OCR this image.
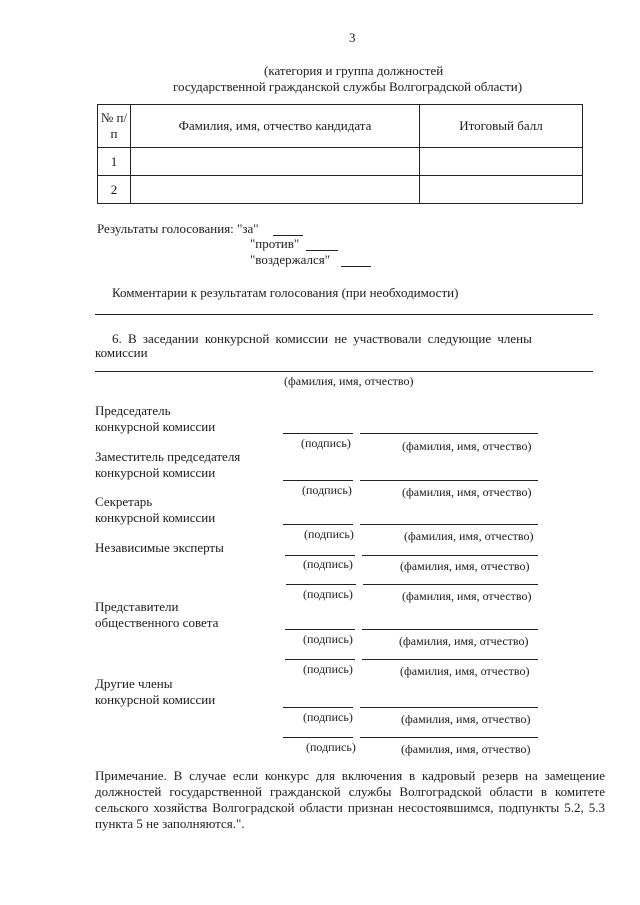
3
(категория и группа должностей
государственной гражданской службы Волгоградской области)
№ п/п	Фамилия, имя, отчество кандидата	Итоговый балл
1		
2		
Результаты голосования: "за"
"против"
"воздержался"
Комментарии к результатам голосования (при необходимости)
6. В заседании конкурсной комиссии не участвовали следующие члены
комиссии
(фамилия, имя, отчество)
Председатель
конкурсной комиссии
(подпись)	(фамилия, имя, отчество)
Заместитель председателя
конкурсной комиссии
(подпись)	(фамилия, имя, отчество)
Секретарь
конкурсной комиссии
(подпись)	(фамилия, имя, отчество)
Независимые эксперты
(подпись)	(фамилия, имя, отчество)
(подпись)	(фамилия, имя, отчество)
Представители
общественного совета
(подпись)	(фамилия, имя, отчество)
(подпись)	(фамилия, имя, отчество)
Другие члены
конкурсной комиссии
(подпись)	(фамилия, имя, отчество)
(подпись)	(фамилия, имя, отчество)
Примечание. В случае если конкурс для включения в кадровый резерв на замещение должностей государственной гражданской службы Волгоградской области в комитете сельского хозяйства Волгоградской области признан несостоявшимся, подпункты 5.2, 5.3 пункта 5 не заполняются.".
